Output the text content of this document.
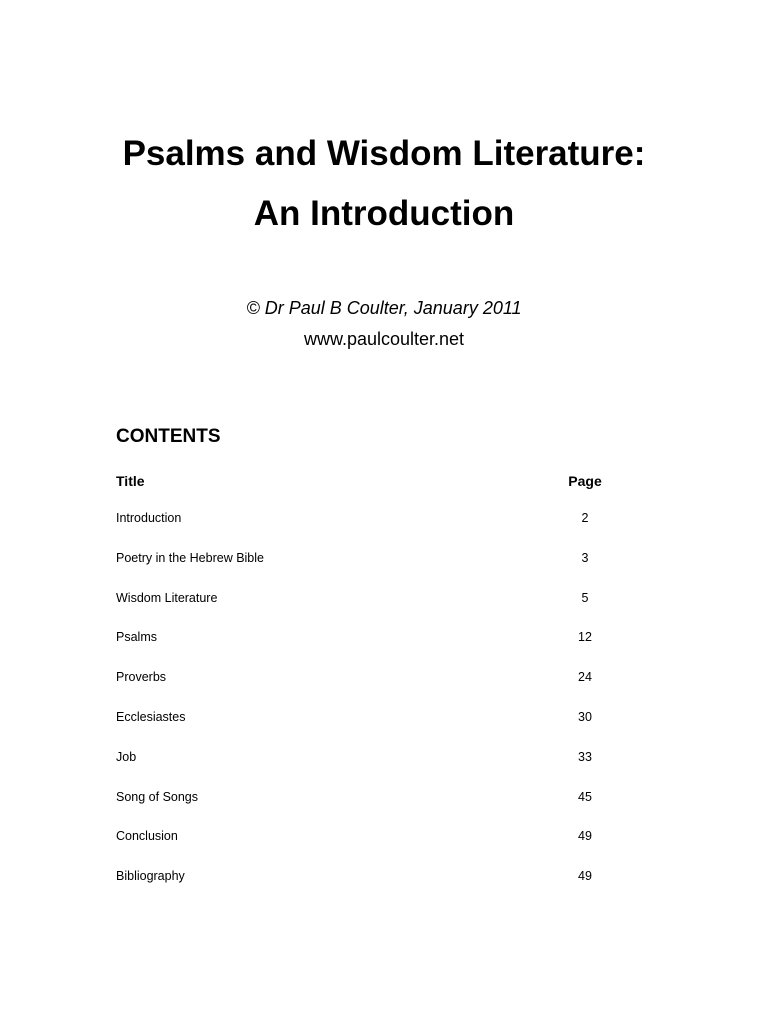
Psalms and Wisdom Literature:
An Introduction

© Dr Paul B Coulter, January 2011

www.paulcoulter.net

CONTENTS
Title	Page
Introduction	2
Poetry in the Hebrew Bible	3
Wisdom Literature	5
Psalms	12
Proverbs	24
Ecclesiastes	30
Job	33
Song of Songs	45
Conclusion	49
Bibliography	49
